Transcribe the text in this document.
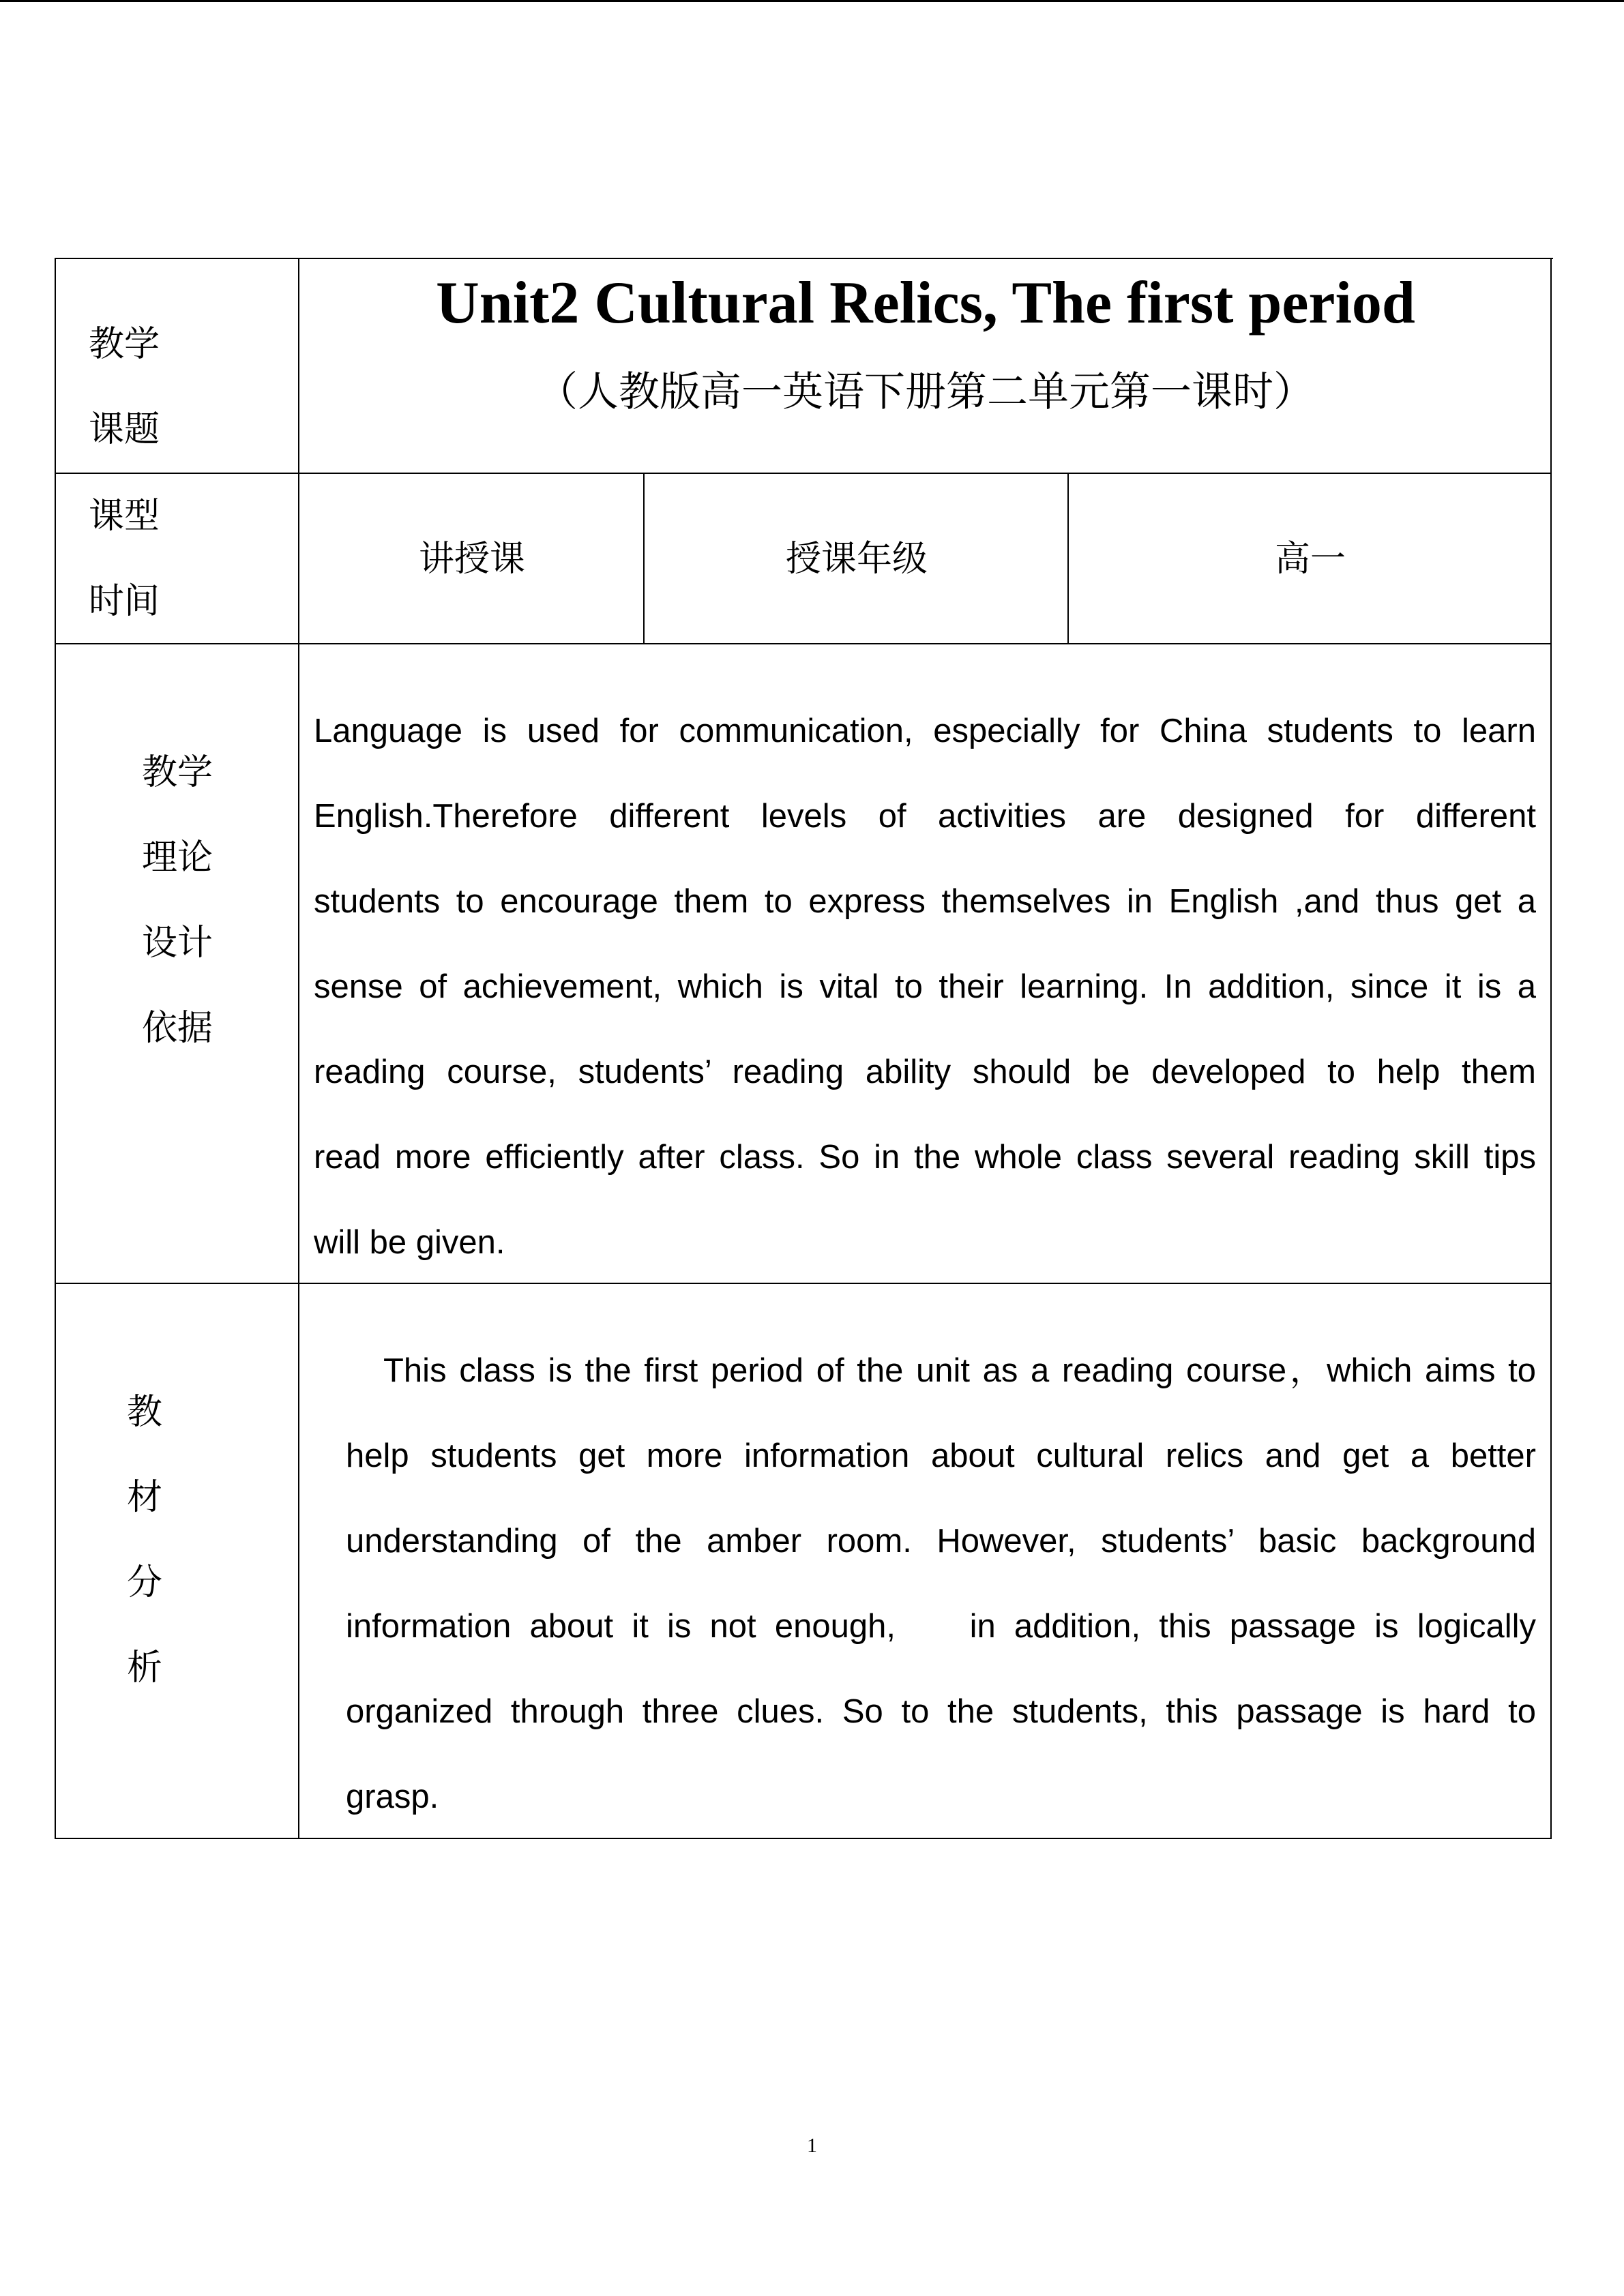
教学
课题
Unit2 Cultural Relics, The first period
（人教版高一英语下册第二单元第一课时）
课型
时间
讲授课	授课年级	高一
教学
理论
设计
依据
Language is used for communication, especially for China students to learn
English.Therefore different levels of activities are designed for different
students to encourage them to express themselves in English ,and thus get a
sense of achievement, which is vital to their learning. In addition, since it is a
reading course, students’ reading ability should be developed to help them
read more efficiently after class. So in the whole class several reading skill tips
will be given.
教
材
分
析
This class is the first period of the unit as a reading course，which aims to
help students get more information about cultural relics and get a better
understanding of the amber room. However, students’ basic background
information about it is not enough,    in addition, this passage is logically
organized through three clues. So to the students, this passage is hard to
grasp.
1
